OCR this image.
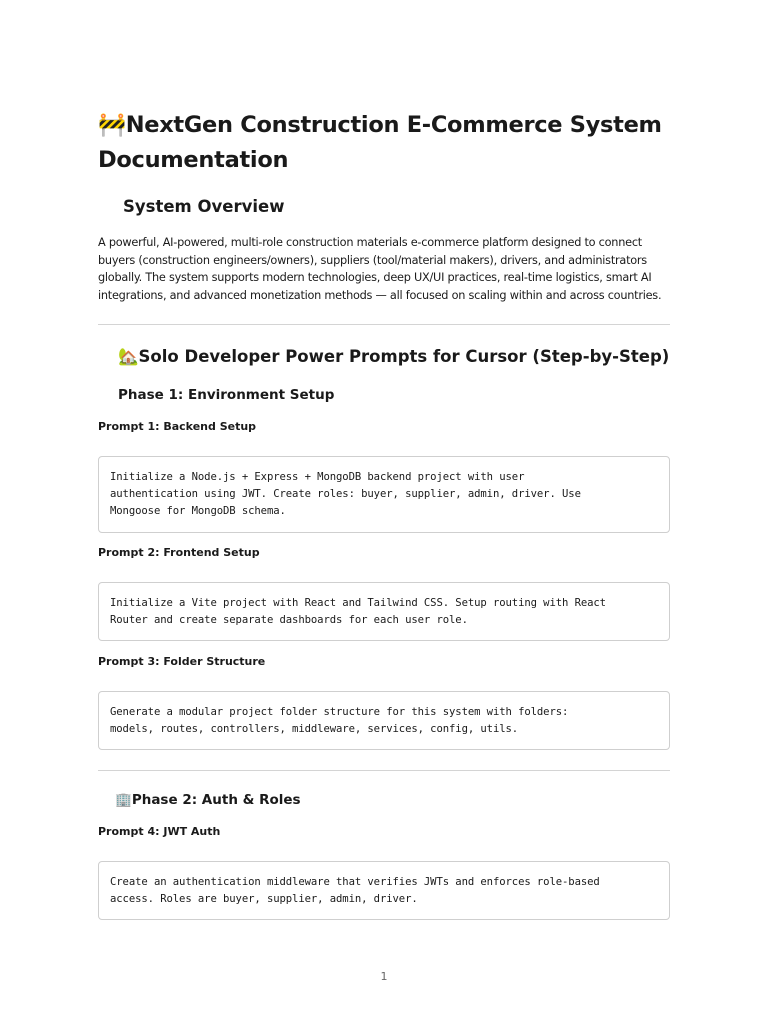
🚧NextGen Construction E-Commerce System Documentation
System Overview

A powerful, AI-powered, multi-role construction materials e-commerce platform designed to connect buyers (construction engineers/owners), suppliers (tool/material makers), drivers, and administrators globally. The system supports modern technologies, deep UX/UI practices, real-time logistics, smart AI integrations, and advanced monetization methods — all focused on scaling within and across countries.

🏡Solo Developer Power Prompts for Cursor (Step-by-Step)
Phase 1: Environment Setup
Prompt 1: Backend Setup
Initialize a Node.js + Express + MongoDB backend project with user
authentication using JWT. Create roles: buyer, supplier, admin, driver. Use
Mongoose for MongoDB schema.
Prompt 2: Frontend Setup
Initialize a Vite project with React and Tailwind CSS. Setup routing with React
Router and create separate dashboards for each user role.
Prompt 3: Folder Structure
Generate a modular project folder structure for this system with folders:
models, routes, controllers, middleware, services, config, utils.
🏢Phase 2: Auth & Roles
Prompt 4: JWT Auth
Create an authentication middleware that verifies JWTs and enforces role-based
access. Roles are buyer, supplier, admin, driver.
1
